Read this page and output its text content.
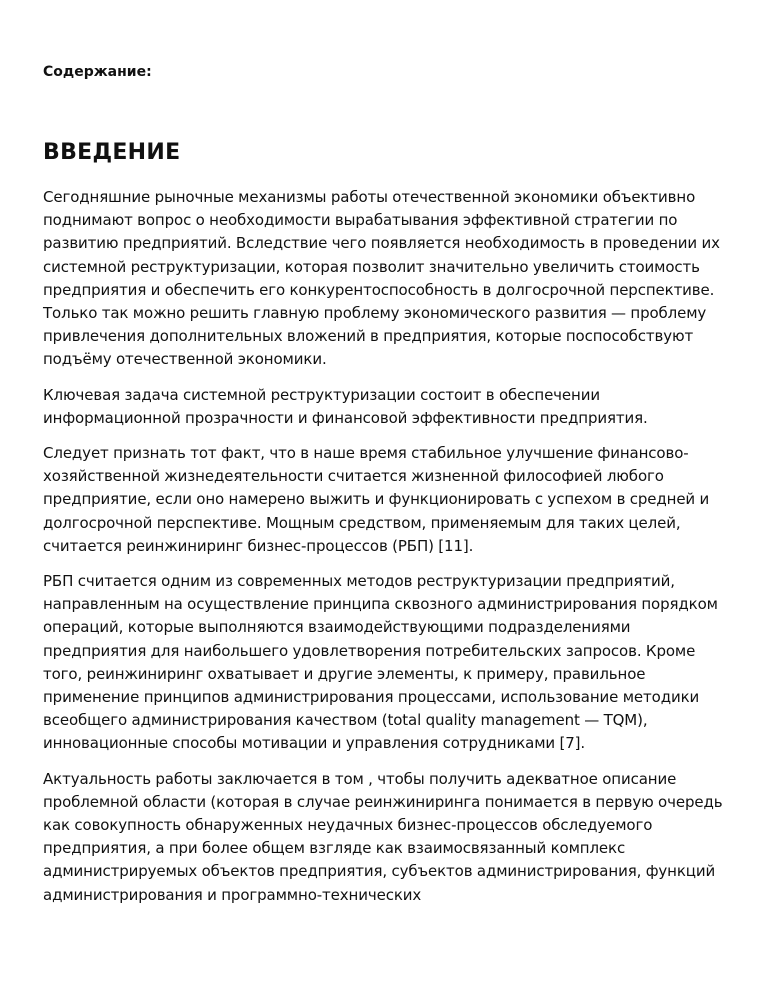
Содержание:

ВВЕДЕНИЕ

Сегодняшние рыночные механизмы работы отечественной экономики объективно поднимают вопрос о необходимости вырабатывания эффективной стратегии по развитию предприятий. Вследствие чего появляется необходимость в проведении их системной реструктуризации, которая позволит значительно увеличить стоимость предприятия и обеспечить его конкурентоспособность в долгосрочной перспективе. Только так можно решить главную проблему экономического развития — проблему привлечения дополнительных вложений в предприятия, которые поспособствуют подъёму отечественной экономики.

Ключевая задача системной реструктуризации состоит в обеспечении информационной прозрачности и финансовой эффективности предприятия.

Следует признать тот факт, что в наше время стабильное улучшение финансово-хозяйственной жизнедеятельности считается жизненной философией любого предприятие, если оно намерено выжить и функционировать с успехом в средней и долгосрочной перспективе. Мощным средством, применяемым для таких целей, считается реинжиниринг бизнес-процессов (РБП) [11].

РБП считается одним из современных методов реструктуризации предприятий, направленным на осуществление принципа сквозного администрирования порядком операций, которые выполняются взаимодействующими подразделениями предприятия для наибольшего удовлетворения потребительских запросов. Кроме того, реинжиниринг охватывает и другие элементы, к примеру, правильное применение принципов администрирования процессами, использование методики всеобщего администрирования качеством (total quality management — TQM), инновационные способы мотивации и управления сотрудниками [7].

Актуальность работы заключается в том , чтобы получить адекватное описание проблемной области (которая в случае реинжиниринга понимается в первую очередь как совокупность обнаруженных неудачных бизнес-процессов обследуемого предприятия, а при более общем взгляде как взаимосвязанный комплекс администрируемых объектов предприятия, субъектов администрирования, функций администрирования и программно-технических
